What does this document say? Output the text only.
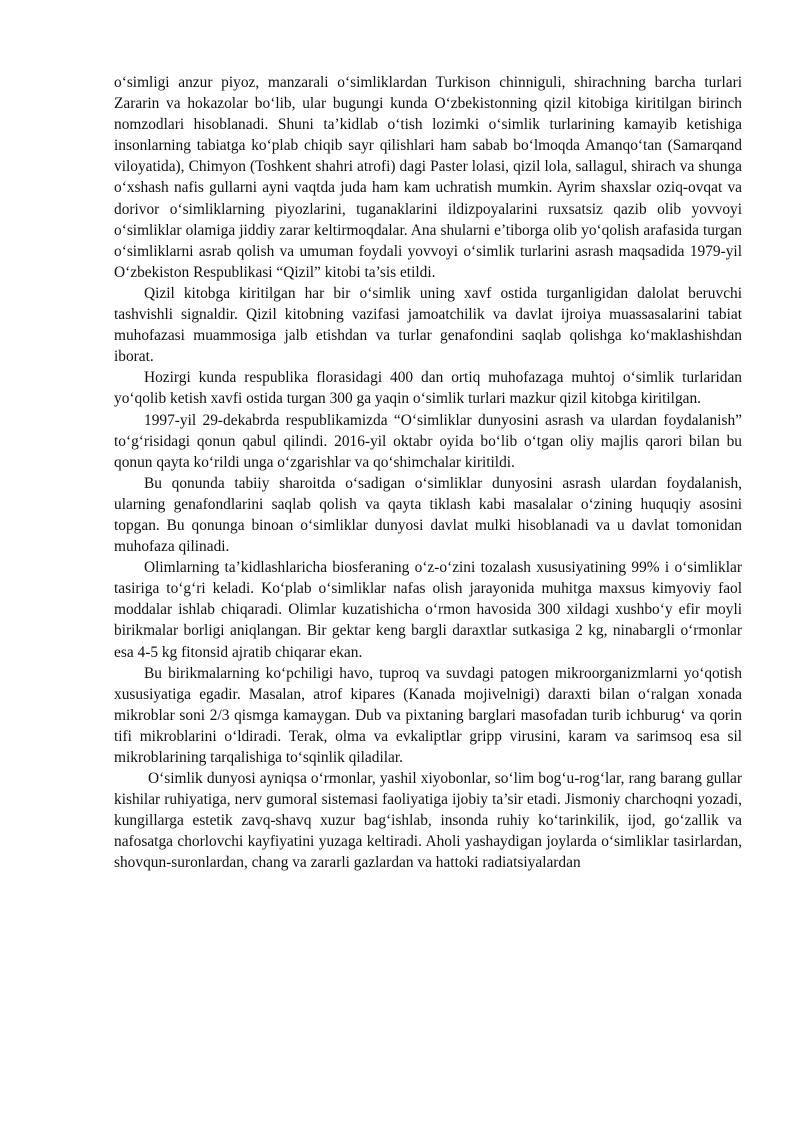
o‘simligi anzur piyoz, manzarali o‘simliklardan Turkison chinniguli, shirachning barcha turlari Zararin va hokazolar bo‘lib, ular bugungi kunda O‘zbekistonning qizil kitobiga kiritilgan birinch nomzodlari hisoblanadi. Shuni ta’kidlab o‘tish lozimki o‘simlik turlarining kamayib ketishiga insonlarning tabiatga ko‘plab chiqib sayr qilishlari ham sabab bo‘lmoqda Amanqo‘tan (Samarqand viloyatida), Chimyon (Toshkent shahri atrofi) dagi Paster lolasi, qizil lola, sallagul, shirach va shunga o‘xshash nafis gullarni ayni vaqtda juda ham kam uchratish mumkin. Ayrim shaxslar oziq-ovqat va dorivor o‘simliklarning piyozlarini, tuganaklarini ildizpoyalarini ruxsatsiz qazib olib yovvoyi o‘simliklar olamiga jiddiy zarar keltirmoqdalar. Ana shularni e’tiborga olib yo‘qolish arafasida turgan o‘simliklarni asrab qolish va umuman foydali yovvoyi o‘simlik turlarini asrash maqsadida 1979-yil O‘zbekiston Respublikasi “Qizil” kitobi ta’sis etildi.

Qizil kitobga kiritilgan har bir o‘simlik uning xavf ostida turganligidan dalolat beruvchi tashvishli signaldir. Qizil kitobning vazifasi jamoatchilik va davlat ijroiya muassasalarini tabiat muhofazasi muammosiga jalb etishdan va turlar genafondini saqlab qolishga ko‘maklashishdan iborat.

Hozirgi kunda respublika florasidagi 400 dan ortiq muhofazaga muhtoj o‘simlik turlaridan yo‘qolib ketish xavfi ostida turgan 300 ga yaqin o‘simlik turlari mazkur qizil kitobga kiritilgan.

1997-yil 29-dekabrda respublikamizda “O‘simliklar dunyosini asrash va ulardan foydalanish” to‘g‘risidagi qonun qabul qilindi. 2016-yil oktabr oyida bo‘lib o‘tgan oliy majlis qarori bilan bu qonun qayta ko‘rildi unga o‘zgarishlar va qo‘shimchalar kiritildi.

Bu qonunda tabiiy sharoitda o‘sadigan o‘simliklar dunyosini asrash ulardan foydalanish, ularning genafondlarini saqlab qolish va qayta tiklash kabi masalalar o‘zining huquqiy asosini topgan. Bu qonunga binoan o‘simliklar dunyosi davlat mulki hisoblanadi va u davlat tomonidan muhofaza qilinadi.

Olimlarning ta’kidlashlaricha biosferaning o‘z-o‘zini tozalash xususiyatining 99% i o‘simliklar tasiriga to‘g‘ri keladi. Ko‘plab o‘simliklar nafas olish jarayonida muhitga maxsus kimyoviy faol moddalar ishlab chiqaradi. Olimlar kuzatishicha o‘rmon havosida 300 xildagi xushbo‘y efir moyli birikmalar borligi aniqlangan. Bir gektar keng bargli daraxtlar sutkasiga 2 kg, ninabargli o‘rmonlar esa 4-5 kg fitonsid ajratib chiqarar ekan.

Bu birikmalarning ko‘pchiligi havo, tuproq va suvdagi patogen mikroorganizmlarni yo‘qotish xususiyatiga egadir. Masalan, atrof kipares (Kanada mojivelnigi) daraxti bilan o‘ralgan xonada mikroblar soni 2/3 qismga kamaygan. Dub va pixtaning barglari masofadan turib ichburug‘ va qorin tifi mikroblarini o‘ldiradi. Terak, olma va evkaliptlar gripp virusini, karam va sarimsoq esa sil mikroblarining tarqalishiga to‘sqinlik qiladilar.

O‘simlik dunyosi ayniqsa o‘rmonlar, yashil xiyobonlar, so‘lim bog‘u-rog‘lar, rang barang gullar kishilar ruhiyatiga, nerv gumoral sistemasi faoliyatiga ijobiy ta’sir etadi. Jismoniy charchoqni yozadi, kungillarga estetik zavq-shavq xuzur bag‘ishlab, insonda ruhiy ko‘tarinkilik, ijod, go‘zallik va nafosatga chorlovchi kayfiyatini yuzaga keltiradi. Aholi yashaydigan joylarda o‘simliklar tasirlardan, shovqun-suronlardan, chang va zararli gazlardan va hattoki radiatsiyalardan
